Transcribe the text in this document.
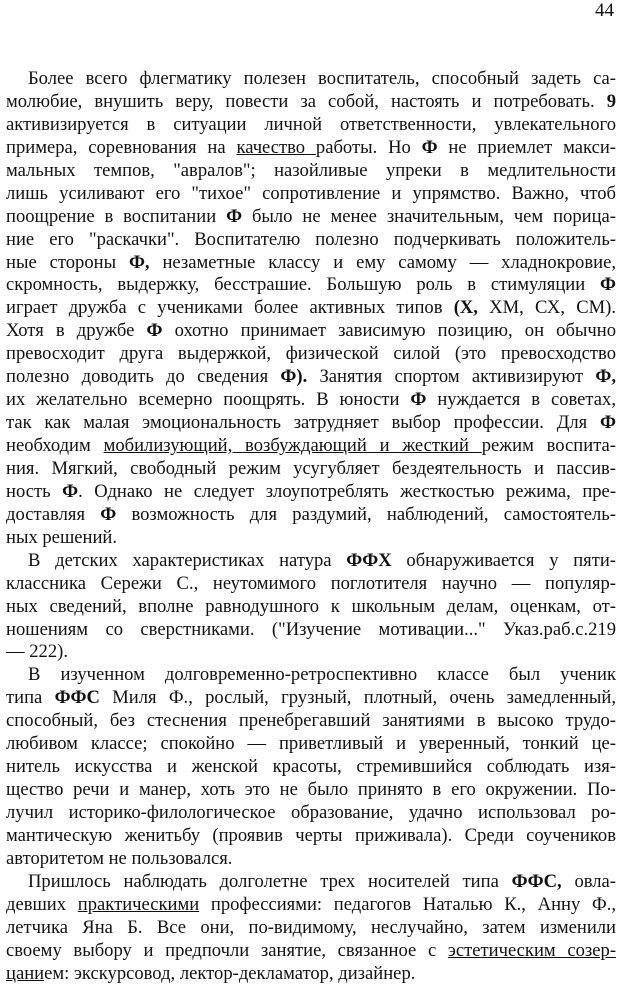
44
Более всего флегматику полезен воспитатель, способный задеть са-
молюбие, внушить веру, повести за собой, настоять и потребовать. 9
активизируется в ситуации личной ответственности, увлекательного
примера, соревнования на качество работы. Но Ф не приемлет макси-
мальных темпов, "авралов"; назойливые упреки в медлительности
лишь усиливают его "тихое" сопротивление и упрямство. Важно, чтоб
поощрение в воспитании Ф было не менее значительным, чем порица-
ние его "раскачки". Воспитателю полезно подчеркивать положитель-
ные стороны Ф, незаметные классу и ему самому — хладнокровие,
скромность, выдержку, бесстрашие. Большую роль в стимуляции Ф
играет дружба с учениками более активных типов (X, ХМ, СХ, СМ).
Хотя в дружбе Ф охотно принимает зависимую позицию, он обычно
превосходит друга выдержкой, физической силой (это превосходство
полезно доводить до сведения Ф). Занятия спортом активизируют Ф,
их желательно всемерно поощрять. В юности Ф нуждается в советах,
так как малая эмоциональность затрудняет выбор профессии. Для Ф
необходим мобилизующий, возбуждающий и жесткий режим воспита-
ния. Мягкий, свободный режим усугубляет бездеятельность и пассив-
ность Ф. Однако не следует злоупотреблять жесткостью режима, пре-
доставляя Ф возможность для раздумий, наблюдений, самостоятель-
ных решений.
В детских характеристиках натура ФФХ обнаруживается у пяти-
классника Сережи С., неутомимого поглотителя научно — популяр-
ных сведений, вполне равнодушного к школьным делам, оценкам, от-
ношениям со сверстниками. ("Изучение мотивации..." Указ.раб.с.219
— 222).
В изученном долговременно-ретроспективно классе был ученик
типа ФФС Миля Ф., рослый, грузный, плотный, очень замедленный,
способный, без стеснения пренебрегавший занятиями в высоко трудо-
любивом классе; спокойно — приветливый и уверенный, тонкий це-
нитель искусства и женской красоты, стремившийся соблюдать изя-
щество речи и манер, хоть это не было принято в его окружении. По-
лучил историко-филологическое образование, удачно использовал ро-
мантическую женитьбу (проявив черты приживала). Среди соучеников
авторитетом не пользовался.
Пришлось наблюдать долголетне трех носителей типа ФФС, овла-
девших практическими профессиями: педагогов Наталью К., Анну Ф.,
летчика Яна Б. Все они, по-видимому, неслучайно, затем изменили
своему выбору и предпочли занятие, связанное с эстетическим созер-
цанием: экскурсовод, лектор-декламатор, дизайнер.
